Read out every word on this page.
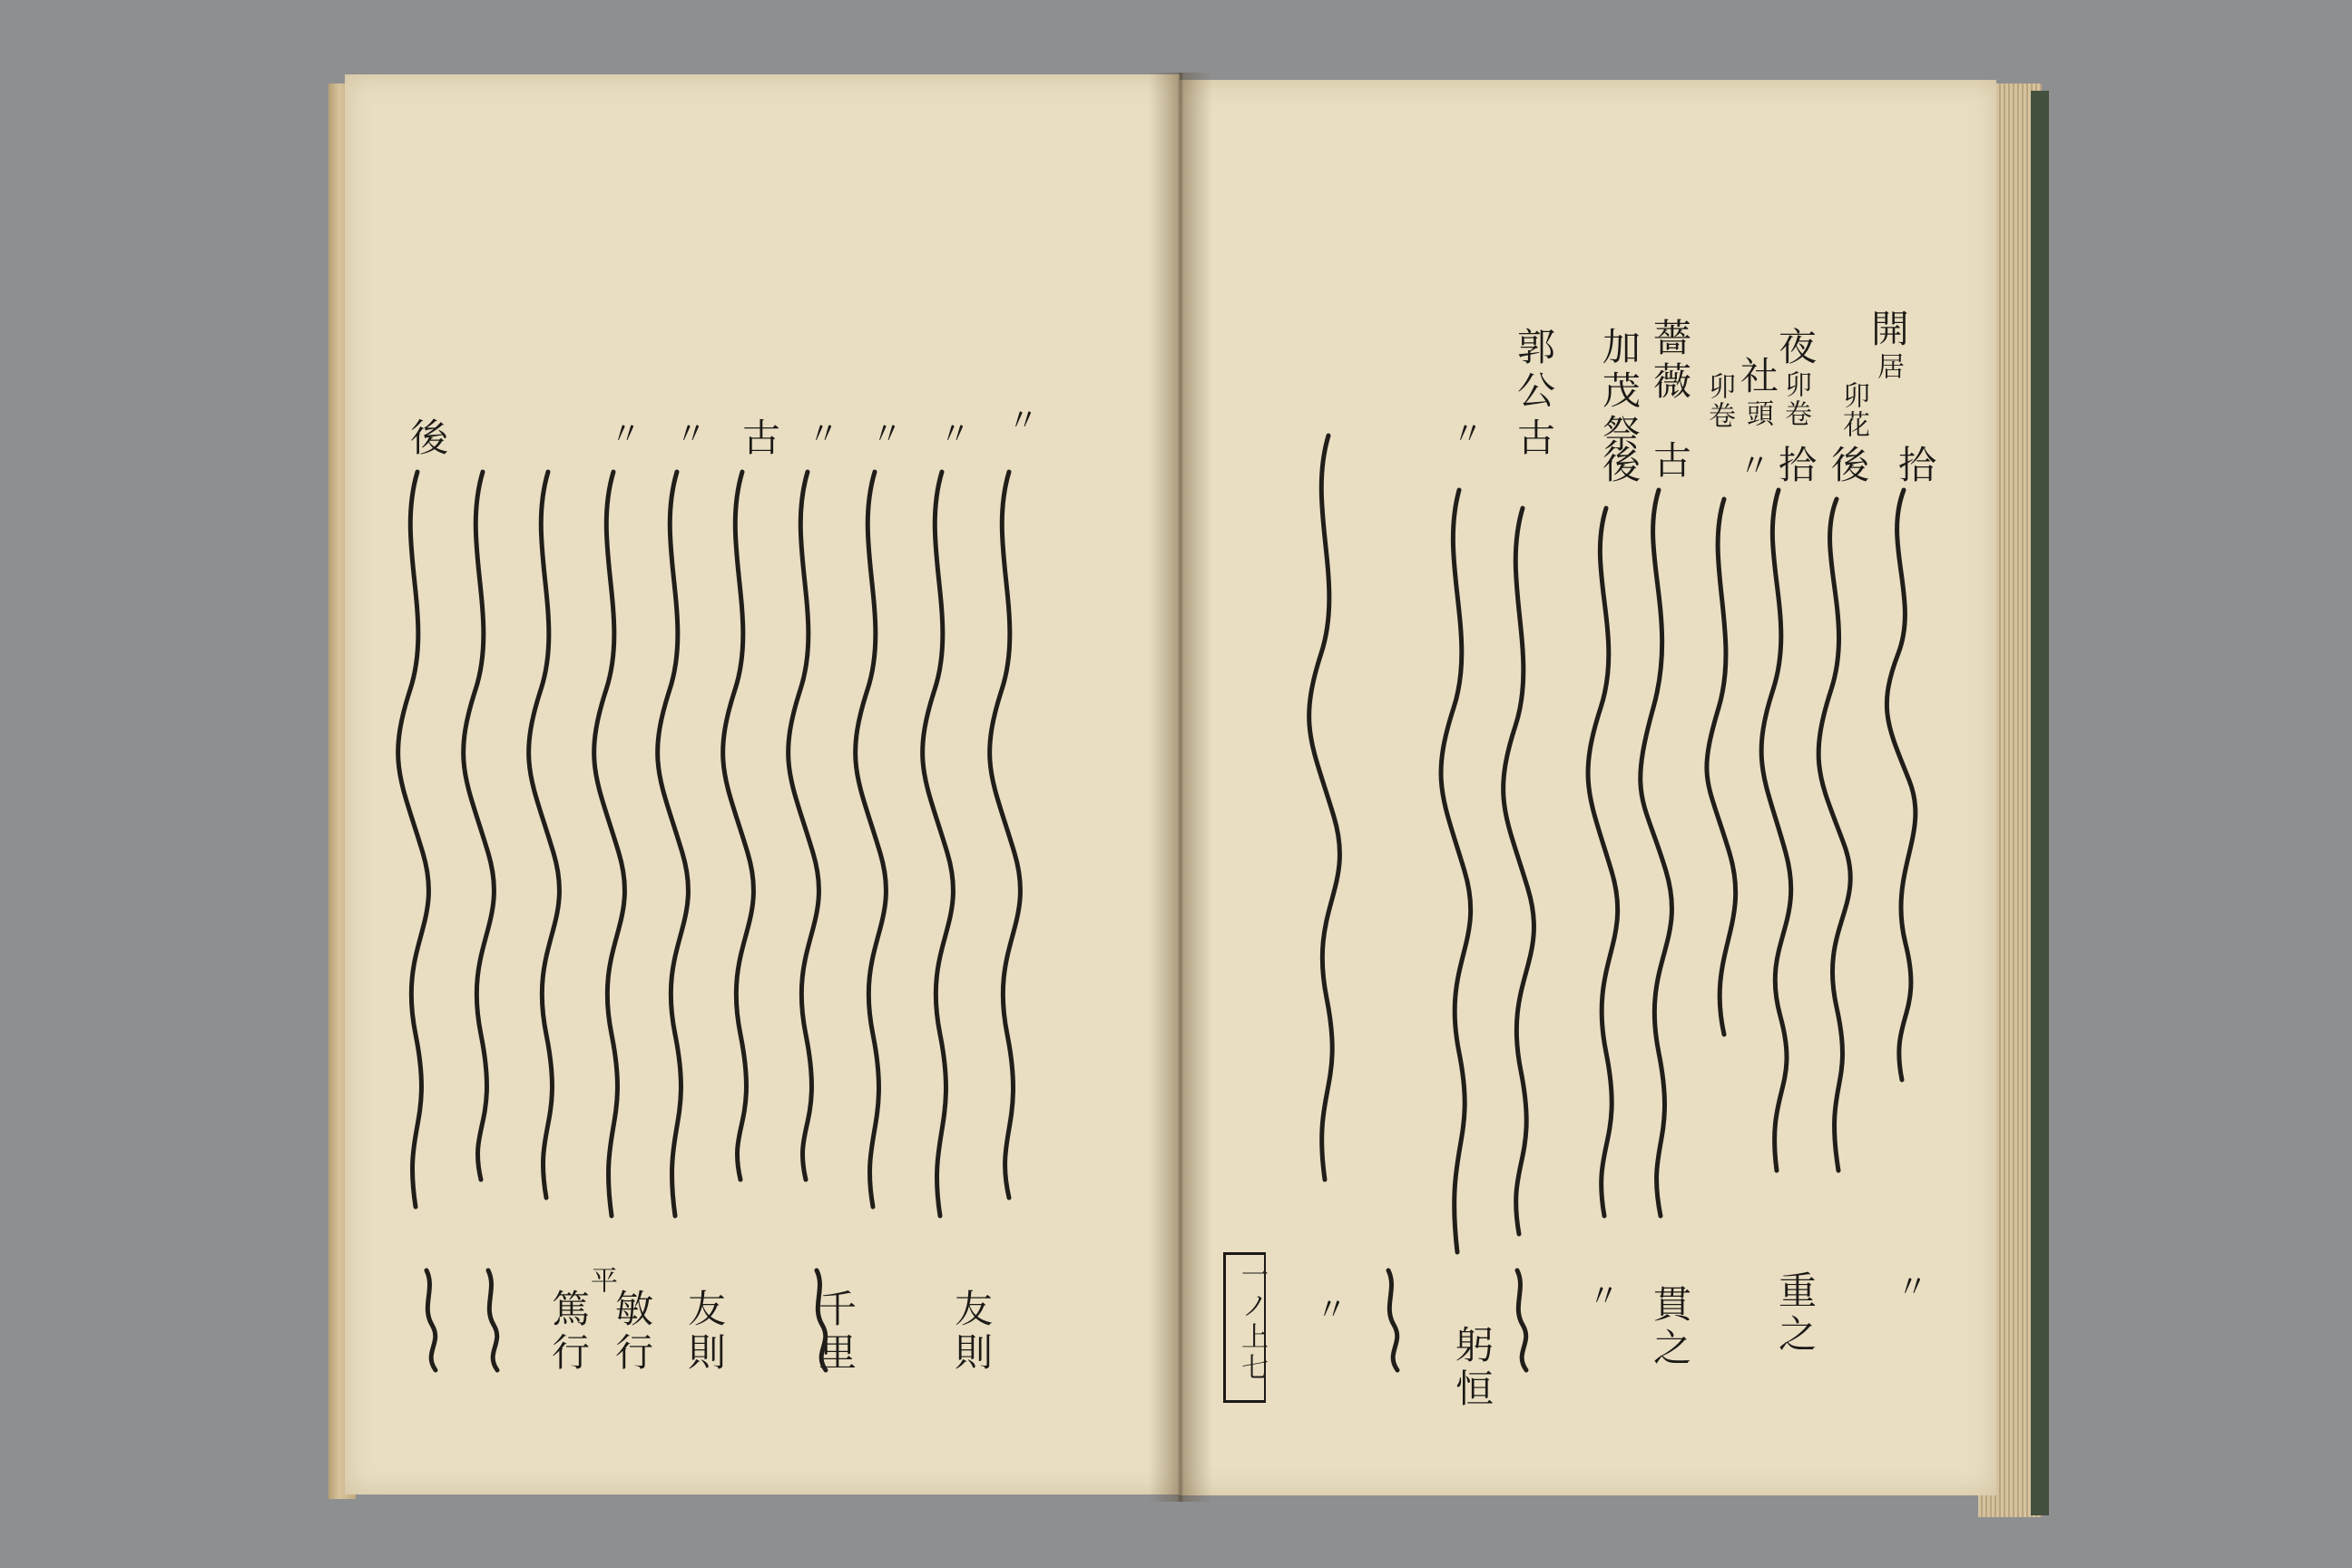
開居
卯花
拾
後
夜卯卷
拾
社頭
卯卷
〃
薔薇
古
加茂祭
後
郭公
古
〃
〃
重之
貫之
〃
躬恒
〃
一ノ上七
〃
〃
〃
〃
古
〃
〃
後
友則
千里
友則
敏行
平
篤行
